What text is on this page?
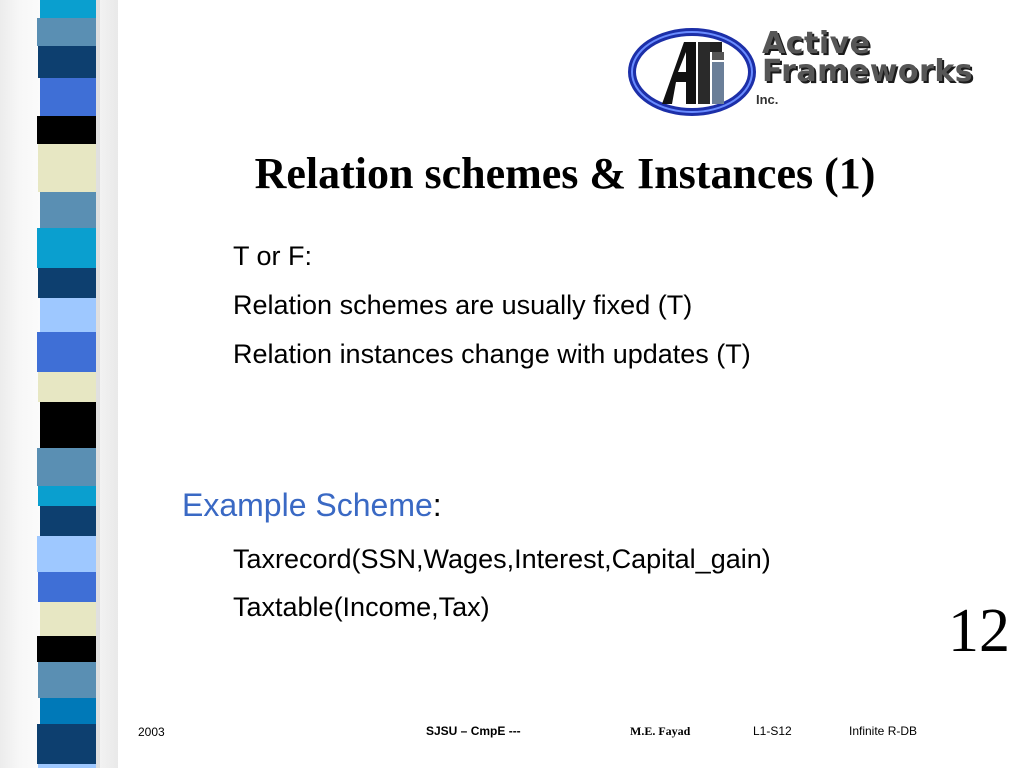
Active
Frameworks
Inc.
Relation schemes & Instances (1)

T or F:

Relation schemes are usually fixed (T)

Relation instances change with updates (T)

Example Scheme:

Taxrecord(SSN,Wages,Interest,Capital_gain)

Taxtable(Income,Tax)	12
2003	SJSU – CmpE ---	M.E. Fayad	L1-S12	Infinite R-DB
